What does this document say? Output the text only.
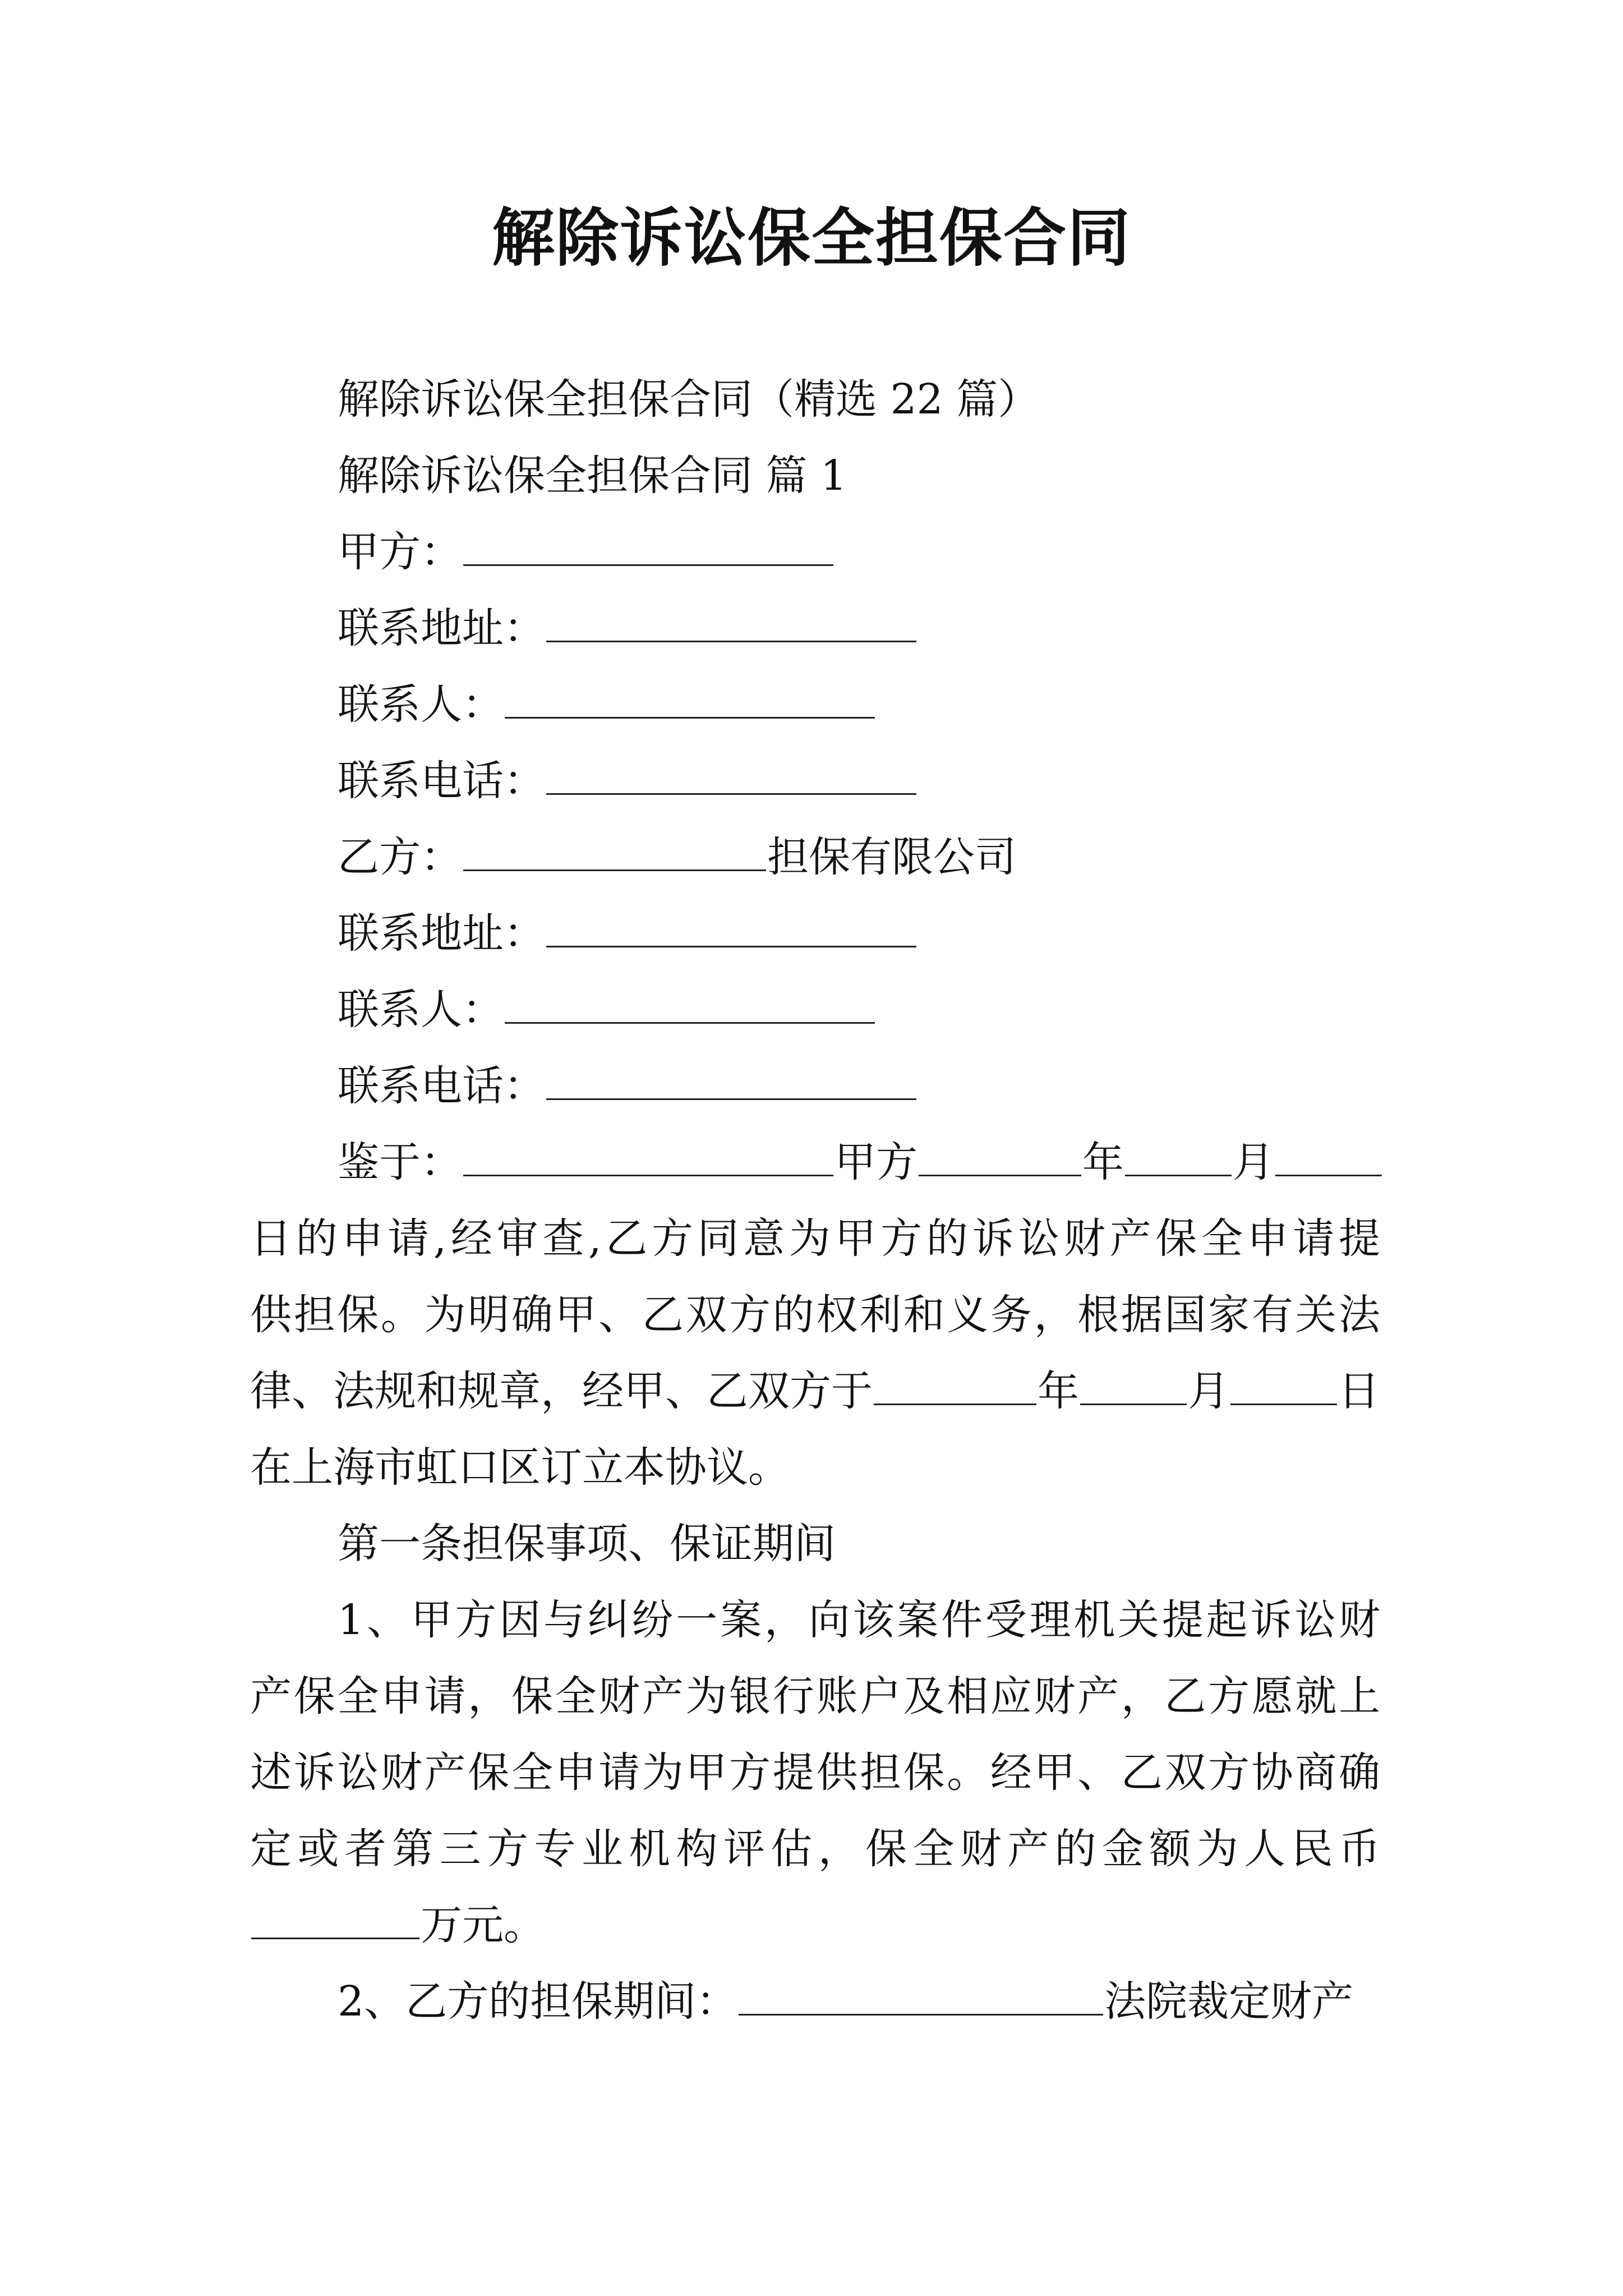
解除诉讼保全担保合同
解除诉讼保全担保合同（精选 22 篇）
解除诉讼保全担保合同 篇 1
甲方：
联系地址：
联系人：
联系电话：
乙方：	担保有限公司
联系地址：
联系人：
联系电话：
鉴于：	甲方	年	月
日的申请,经审查,乙方同意为甲方的诉讼财产保全申请提
供担保。为明确甲、乙双方的权利和义务，根据国家有关法
律、法规和规章，经甲、乙双方于	年	月	日
在上海市虹口区订立本协议。
第一条担保事项、保证期间
1、甲方因与纠纷一案，向该案件受理机关提起诉讼财
产保全申请，保全财产为银行账户及相应财产，乙方愿就上
述诉讼财产保全申请为甲方提供担保。经甲、乙双方协商确
定或者第三方专业机构评估，保全财产的金额为人民币
万元。
2、乙方的担保期间：	法院裁定财产
